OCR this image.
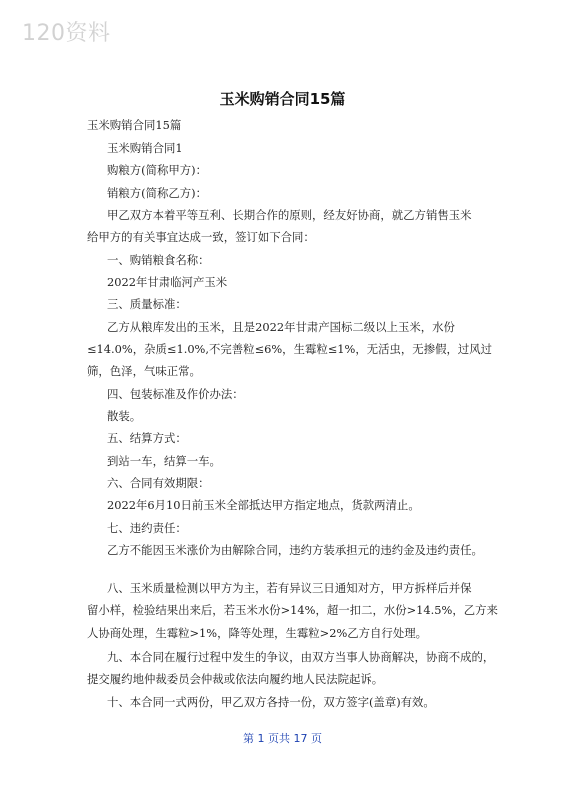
120资料
玉米购销合同15篇
玉米购销合同15篇
玉米购销合同1
购粮方(简称甲方)：
销粮方(简称乙方)：
甲乙双方本着平等互利、长期合作的原则，经友好协商，就乙方销售玉米
给甲方的有关事宜达成一致，签订如下合同：
一、购销粮食名称：
2022年甘肃临河产玉米
三、质量标准：
乙方从粮库发出的玉米，且是2022年甘肃产国标二级以上玉米，水份
≤14.0%，杂质≤1.0%,不完善粒≤6%，生霉粒≤1%，无活虫，无掺假，过风过
筛，色泽，气味正常。
四、包装标准及作价办法：
散装。
五、结算方式：
到站一车，结算一车。
六、合同有效期限：
2022年6月10日前玉米全部抵达甲方指定地点，货款两清止。
七、违约责任：
乙方不能因玉米涨价为由解除合同，违约方装承担元的违约金及违约责任。
八、玉米质量检测以甲方为主，若有异议三日通知对方，甲方拆样后并保
留小样，检验结果出来后，若玉米水份>14%，超一扣二，水份>14.5%，乙方来
人协商处理，生霉粒>1%，降等处理，生霉粒>2%乙方自行处理。
九、本合同在履行过程中发生的争议，由双方当事人协商解决，协商不成的，
提交履约地仲裁委员会仲裁或依法向履约地人民法院起诉。
十、本合同一式两份，甲乙双方各持一份，双方签字(盖章)有效。
第 1 页共 17 页
